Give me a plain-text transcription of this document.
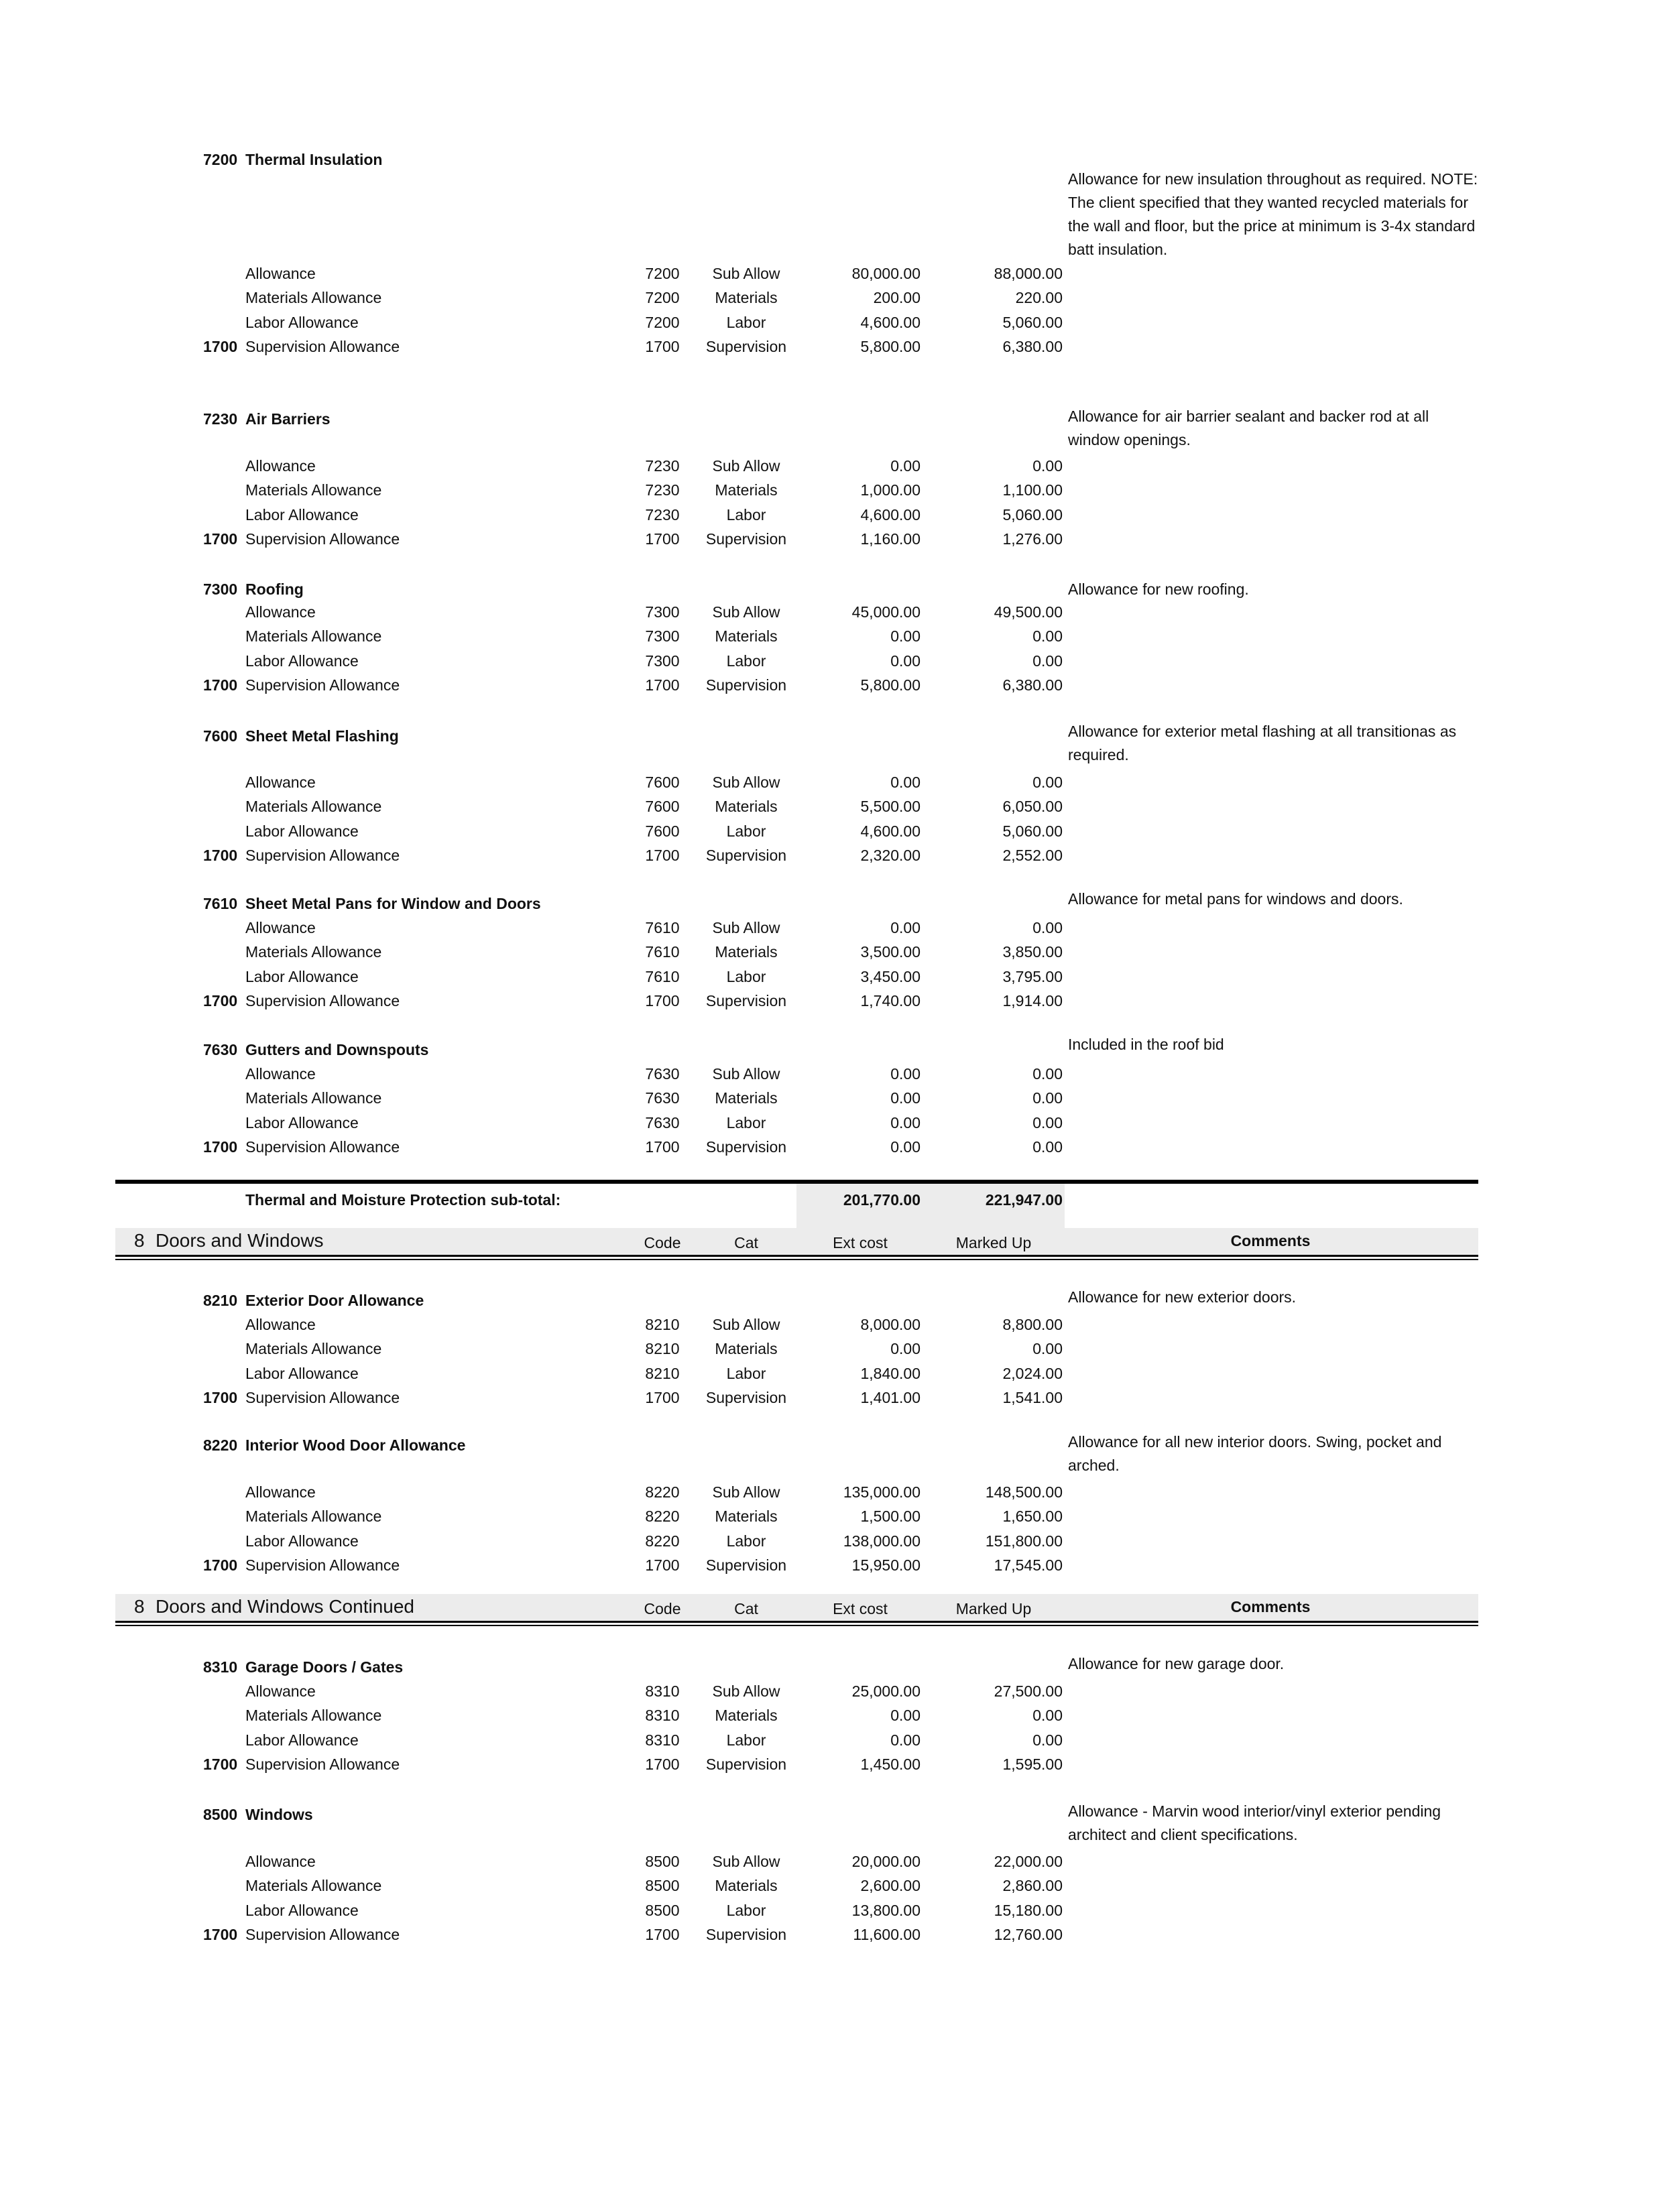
7200 Thermal Insulation
Allowance for new insulation throughout as required. NOTE: The client specified that they wanted recycled materials for the wall and floor, but the price at minimum is 3-4x standard batt insulation.
Allowance	7200	Sub Allow	80,000.00	88,000.00
Materials Allowance	7200	Materials	200.00	220.00
Labor Allowance	7200	Labor	4,600.00	5,060.00
1700 Supervision Allowance	1700	Supervision	5,800.00	6,380.00
7230 Air Barriers	Allowance for air barrier sealant and backer rod at all window openings.
Allowance	7230	Sub Allow	0.00	0.00
Materials Allowance	7230	Materials	1,000.00	1,100.00
Labor Allowance	7230	Labor	4,600.00	5,060.00
1700 Supervision Allowance	1700	Supervision	1,160.00	1,276.00
7300 Roofing	Allowance for new roofing.
Allowance	7300	Sub Allow	45,000.00	49,500.00
Materials Allowance	7300	Materials	0.00	0.00
Labor Allowance	7300	Labor	0.00	0.00
1700 Supervision Allowance	1700	Supervision	5,800.00	6,380.00
7600 Sheet Metal Flashing	Allowance for exterior metal flashing at all transitionas as required.
Allowance	7600	Sub Allow	0.00	0.00
Materials Allowance	7600	Materials	5,500.00	6,050.00
Labor Allowance	7600	Labor	4,600.00	5,060.00
1700 Supervision Allowance	1700	Supervision	2,320.00	2,552.00
7610 Sheet Metal Pans for Window and Doors	Allowance for metal pans for windows and doors.
Allowance	7610	Sub Allow	0.00	0.00
Materials Allowance	7610	Materials	3,500.00	3,850.00
Labor Allowance	7610	Labor	3,450.00	3,795.00
1700 Supervision Allowance	1700	Supervision	1,740.00	1,914.00
7630 Gutters and Downspouts	Included in the roof bid
Allowance	7630	Sub Allow	0.00	0.00
Materials Allowance	7630	Materials	0.00	0.00
Labor Allowance	7630	Labor	0.00	0.00
1700 Supervision Allowance	1700	Supervision	0.00	0.00
8210 Exterior Door Allowance	Allowance for new exterior doors.
Allowance	8210	Sub Allow	8,000.00	8,800.00
Materials Allowance	8210	Materials	0.00	0.00
Labor Allowance	8210	Labor	1,840.00	2,024.00
1700 Supervision Allowance	1700	Supervision	1,401.00	1,541.00
8220 Interior Wood Door Allowance	Allowance for all new interior doors. Swing, pocket and arched.
Allowance	8220	Sub Allow	135,000.00	148,500.00
Materials Allowance	8220	Materials	1,500.00	1,650.00
Labor Allowance	8220	Labor	138,000.00	151,800.00
1700 Supervision Allowance	1700	Supervision	15,950.00	17,545.00
8310 Garage Doors / Gates	Allowance for new garage door.
Allowance	8310	Sub Allow	25,000.00	27,500.00
Materials Allowance	8310	Materials	0.00	0.00
Labor Allowance	8310	Labor	0.00	0.00
1700 Supervision Allowance	1700	Supervision	1,450.00	1,595.00
8500 Windows	Allowance - Marvin wood interior/vinyl exterior pending architect and client specifications.
Allowance	8500	Sub Allow	20,000.00	22,000.00
Materials Allowance	8500	Materials	2,600.00	2,860.00
Labor Allowance	8500	Labor	13,800.00	15,180.00
1700 Supervision Allowance	1700	Supervision	11,600.00	12,760.00
Thermal and Moisture Protection sub-total:	201,770.00	221,947.00
8 Doors and Windows	Code	Cat	Ext cost	Marked Up	Comments
8 Doors and Windows Continued	Code	Cat	Ext cost	Marked Up	Comments
